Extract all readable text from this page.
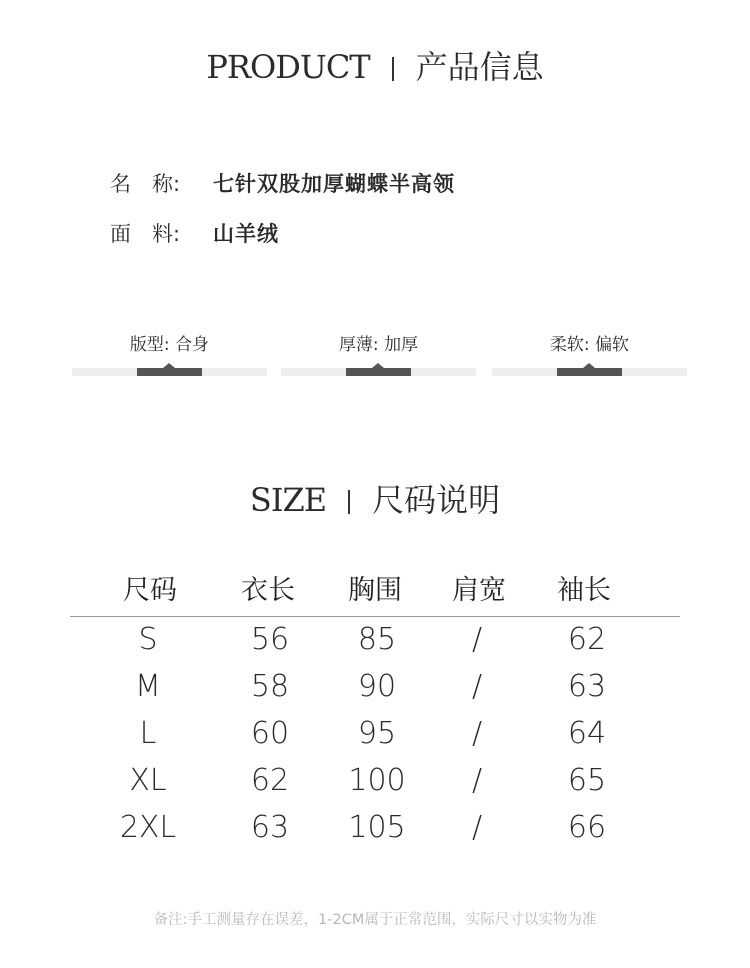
PRODUCT 产品信息
名　称: 七针双股加厚蝴蝶半高领
面　料: 山羊绒
版型: 合身	厚薄: 加厚	柔软: 偏软
SIZE 尺码说明
尺码	衣长	胸围	肩宽	袖长
S	56	85	/	62
M	58	90	/	63
L	60	95	/	64
XL	62	100	/	65
2XL	63	105	/	66
备注:手工测量存在误差，1-2CM属于正常范围，实际尺寸以实物为准
